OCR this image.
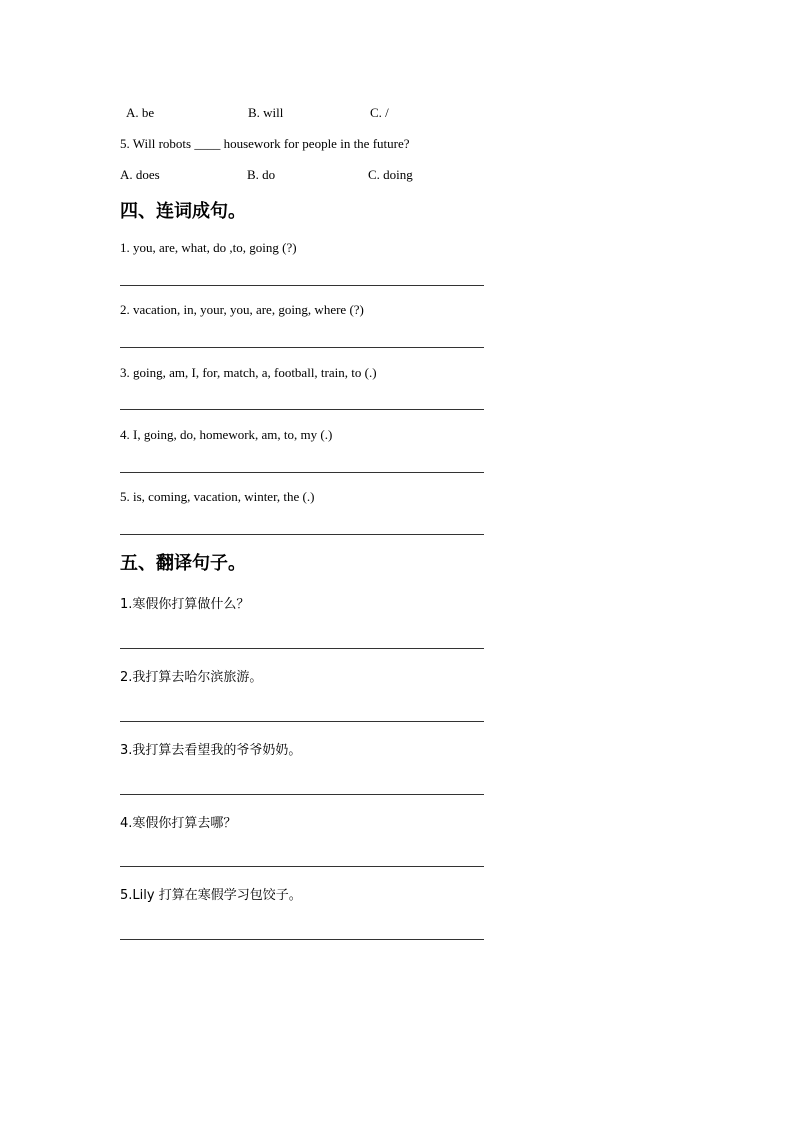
A. be	B. will	C. /
5. Will robots ____ housework for people in the future?
A. does	B. do	C. doing
四、连词成句。
1. you, are, what, do ,to, going (?)
2. vacation, in, your, you, are, going, where (?)
3. going, am, I, for, match, a, football, train, to (.)
4. I, going, do, homework, am, to, my (.)
5. is, coming, vacation, winter, the (.)
五、翻译句子。
1.寒假你打算做什么？
2.我打算去哈尔滨旅游。
3.我打算去看望我的爷爷奶奶。
4.寒假你打算去哪？
5.Lily 打算在寒假学习包饺子。
